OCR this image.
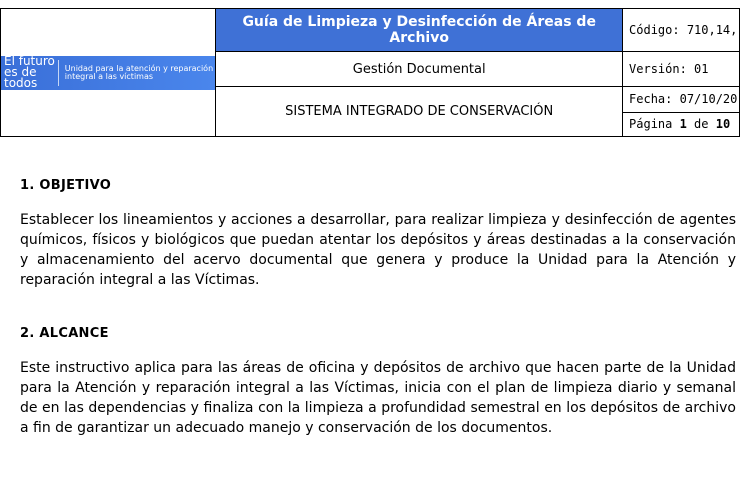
El futuro es de todos
Unidad para la atención y reparación integral a las víctimas	Guía de Limpieza y Desinfección de Áreas de Archivo	Código: 710,14,
	Gestión Documental	Versión: 01
	SISTEMA INTEGRADO DE CONSERVACIÓN	Fecha: 07/10/20
		Página 1 de 10
1. OBJETIVO
Establecer los lineamientos y acciones a desarrollar, para realizar limpieza y desinfección de agentes químicos, físicos y biológicos que puedan atentar los depósitos y áreas destinadas a la conservación y almacenamiento del acervo documental que genera y produce la Unidad para la Atención y reparación integral a las Víctimas.
2. ALCANCE
Este instructivo aplica para las áreas de oficina y depósitos de archivo que hacen parte de la Unidad para la Atención y reparación integral a las Víctimas, inicia con el plan de limpieza diario y semanal de en las dependencias y finaliza con la limpieza a profundidad semestral en los depósitos de archivo a fin de garantizar un adecuado manejo y conservación de los documentos.
